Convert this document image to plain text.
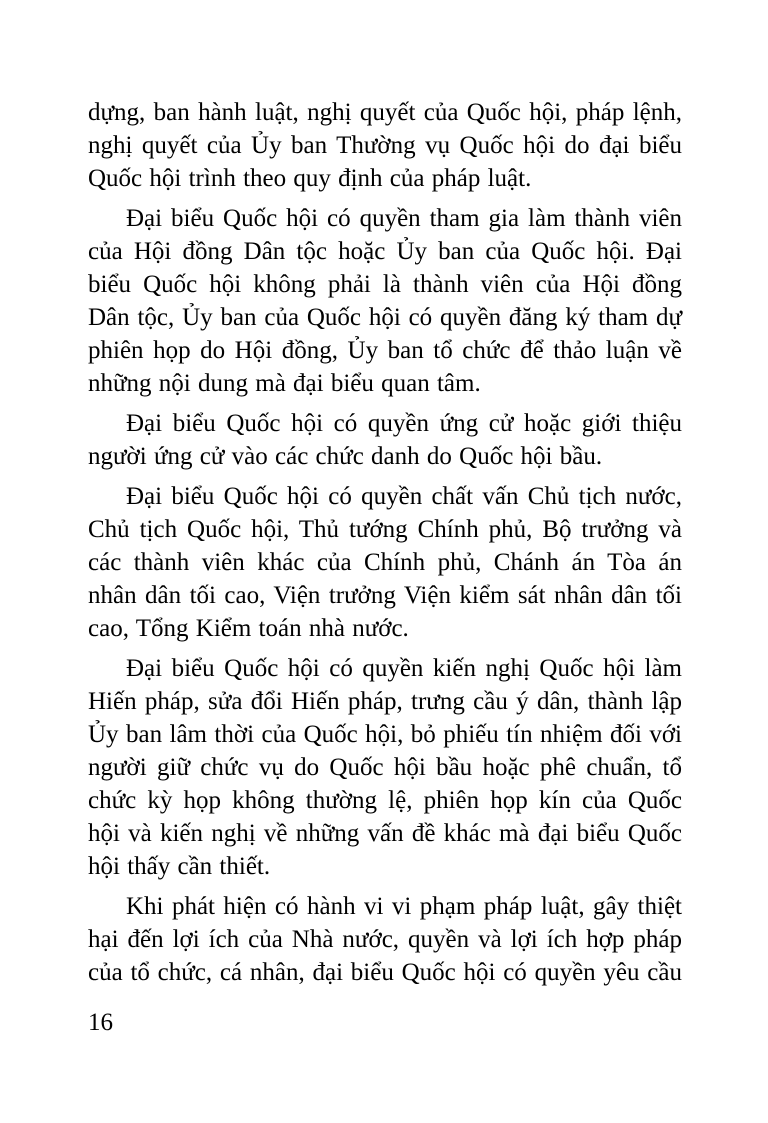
dựng, ban hành luật, nghị quyết của Quốc hội, pháp lệnh, nghị quyết của Ủy ban Thường vụ Quốc hội do đại biểu Quốc hội trình theo quy định của pháp luật.

Đại biểu Quốc hội có quyền tham gia làm thành viên của Hội đồng Dân tộc hoặc Ủy ban của Quốc hội. Đại biểu Quốc hội không phải là thành viên của Hội đồng Dân tộc, Ủy ban của Quốc hội có quyền đăng ký tham dự phiên họp do Hội đồng, Ủy ban tổ chức để thảo luận về những nội dung mà đại biểu quan tâm.

Đại biểu Quốc hội có quyền ứng cử hoặc giới thiệu người ứng cử vào các chức danh do Quốc hội bầu.

Đại biểu Quốc hội có quyền chất vấn Chủ tịch nước, Chủ tịch Quốc hội, Thủ tướng Chính phủ, Bộ trưởng và các thành viên khác của Chính phủ, Chánh án Tòa án nhân dân tối cao, Viện trưởng Viện kiểm sát nhân dân tối cao, Tổng Kiểm toán nhà nước.

Đại biểu Quốc hội có quyền kiến nghị Quốc hội làm Hiến pháp, sửa đổi Hiến pháp, trưng cầu ý dân, thành lập Ủy ban lâm thời của Quốc hội, bỏ phiếu tín nhiệm đối với người giữ chức vụ do Quốc hội bầu hoặc phê chuẩn, tổ chức kỳ họp không thường lệ, phiên họp kín của Quốc hội và kiến nghị về những vấn đề khác mà đại biểu Quốc hội thấy cần thiết.

Khi phát hiện có hành vi vi phạm pháp luật, gây thiệt hại đến lợi ích của Nhà nước, quyền và lợi ích hợp pháp của tổ chức, cá nhân, đại biểu Quốc hội có quyền yêu cầu

16
